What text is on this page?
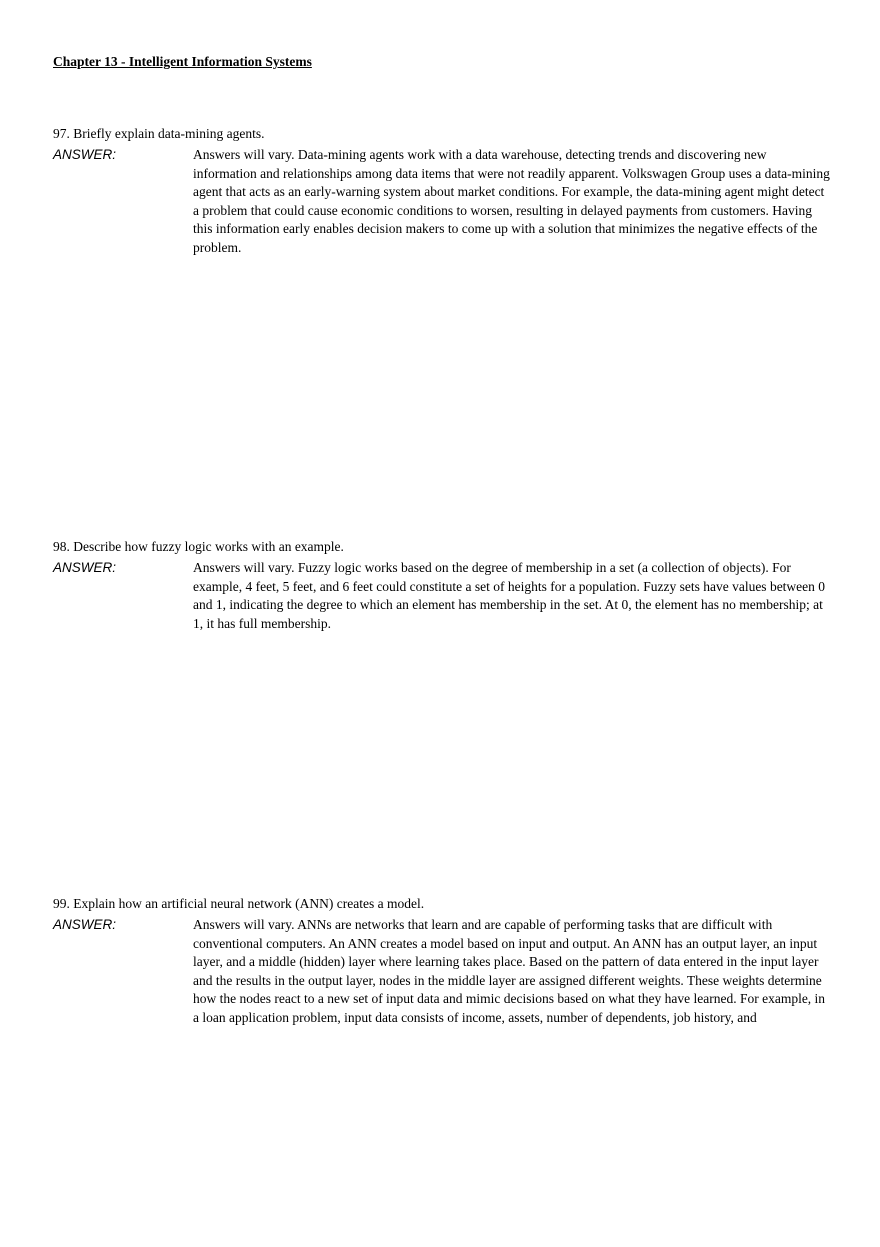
Chapter 13 - Intelligent Information Systems

97. Briefly explain data-mining agents.

ANSWER:	Answers will vary. Data-mining agents work with a data warehouse, detecting trends and discovering new information and relationships among data items that were not readily apparent. Volkswagen Group uses a data-mining agent that acts as an early-warning system about market conditions. For example, the data-mining agent might detect a problem that could cause economic conditions to worsen, resulting in delayed payments from customers. Having this information early enables decision makers to come up with a solution that minimizes the negative effects of the problem.

98. Describe how fuzzy logic works with an example.

ANSWER:	Answers will vary. Fuzzy logic works based on the degree of membership in a set (a collection of objects). For example, 4 feet, 5 feet, and 6 feet could constitute a set of heights for a population. Fuzzy sets have values between 0 and 1, indicating the degree to which an element has membership in the set. At 0, the element has no membership; at 1, it has full membership.

99. Explain how an artificial neural network (ANN) creates a model.

ANSWER:	Answers will vary. ANNs are networks that learn and are capable of performing tasks that are difficult with conventional computers. An ANN creates a model based on input and output. An ANN has an output layer, an input layer, and a middle (hidden) layer where learning takes place. Based on the pattern of data entered in the input layer and the results in the output layer, nodes in the middle layer are assigned different weights. These weights determine how the nodes react to a new set of input data and mimic decisions based on what they have learned. For example, in a loan application problem, input data consists of income, assets, number of dependents, job history, and
